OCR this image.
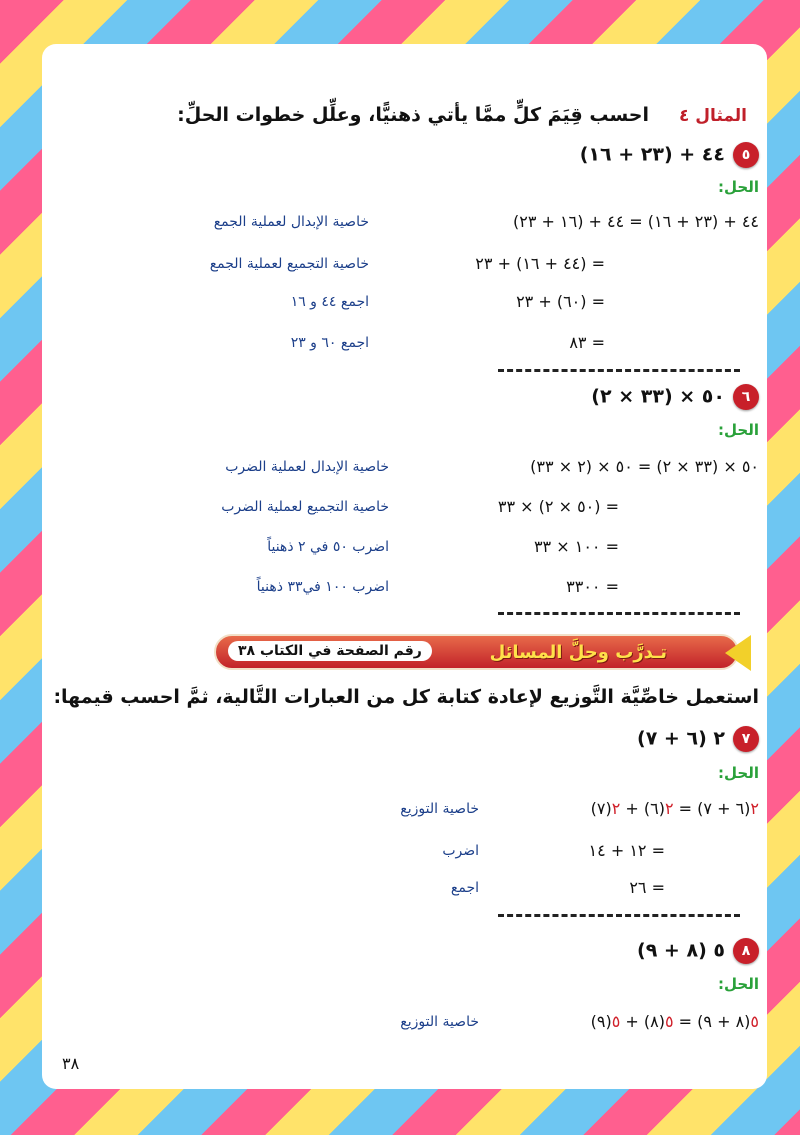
المثال ٤
احسب قِيَمَ كلٍّ ممَّا يأتي ذهنيًّا، وعلِّل خطوات الحلِّ:
٥٤٤ + (٢٣ + ١٦)
الحل:
٤٤ + (٢٣ + ١٦) = ٤٤ + (١٦ + ٢٣)
خاصية الإبدال لعملية الجمع
= (٤٤ + ١٦) + ٢٣
خاصية التجميع لعملية الجمع
= (٦٠) + ٢٣
اجمع ٤٤ و ١٦
= ٨٣
اجمع ٦٠ و ٢٣
٦٥٠ × (٣٣ × ٢)
الحل:
٥٠ × (٣٣ × ٢) = ٥٠ × (٢ × ٣٣)
خاصية الإبدال لعملية الضرب
= (٥٠ × ٢) × ٣٣
خاصية التجميع لعملية الضرب
= ١٠٠ × ٣٣
اضرب ٥٠ في ٢ ذهنياً
= ٣٣٠٠
اضرب ١٠٠ في٣٣ ذهنياً
تـدرَّب وحلَّ المسائل
رقم الصفحة في الكتاب ٣٨
استعمل خاصِّيَّة التَّوزيع لإعادة كتابة كل من العبارات التَّالية، ثمَّ احسب قيمها:
٧٢ (٦ + ٧)
الحل:
٢(٦ + ٧) = ٢(٦) + ٢(٧)
خاصية التوزيع
= ١٢ + ١٤
اضرب
= ٢٦
اجمع
٨٥ (٨ + ٩)
الحل:
٥(٨ + ٩) = ٥(٨) + ٥(٩)
خاصية التوزيع
٣٨
